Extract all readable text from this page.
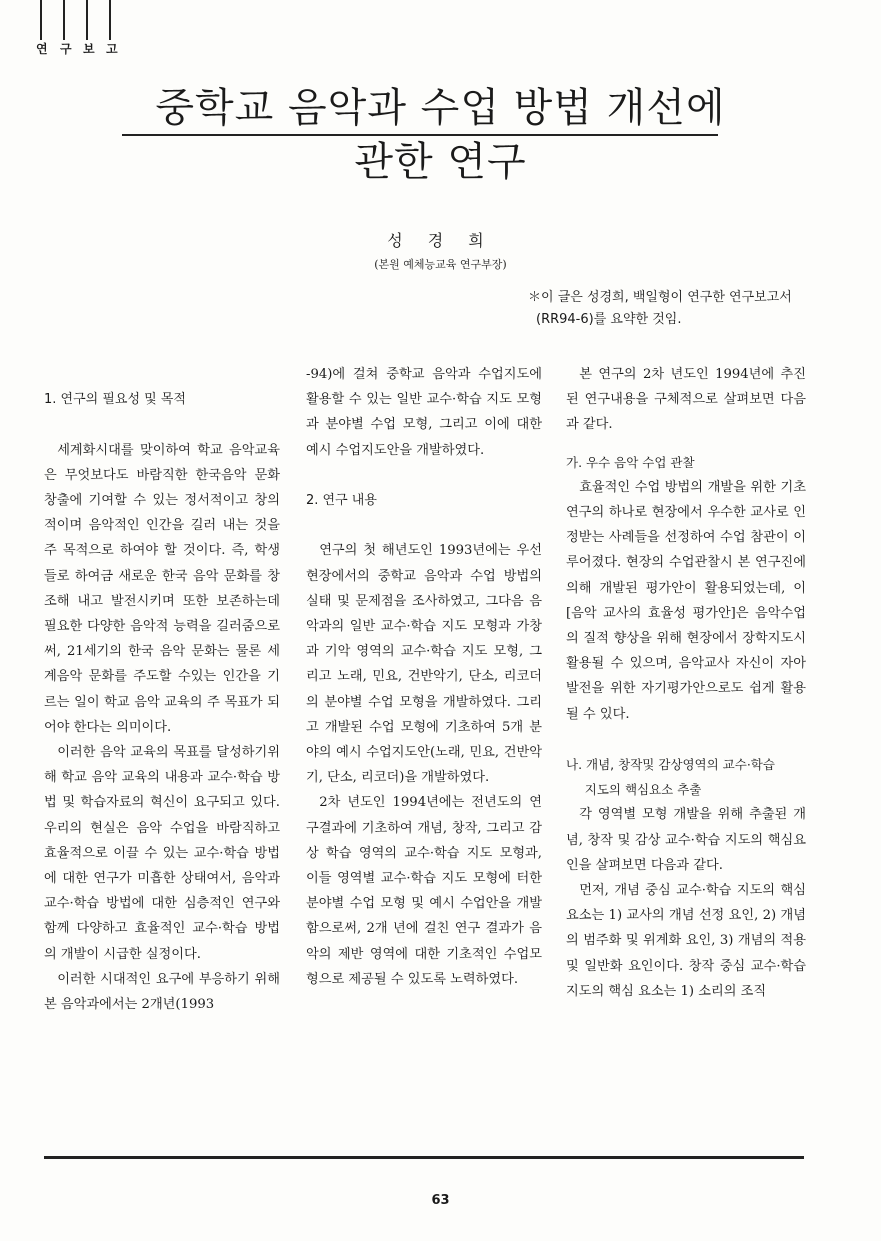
연 구 보 고
중학교 음악과 수업 방법 개선에
관한 연구
성 경 희
(본원 예체능교육 연구부장)
＊이 글은 성경희, 백일형이 연구한 연구보고서
(RR94-6)를 요약한 것임.

1. 연구의 필요성 및 목적

세계화시대를 맞이하여 학교 음악교육은 무엇보다도 바람직한 한국음악 문화 창출에 기여할 수 있는 정서적이고 창의적이며 음악적인 인간을 길러 내는 것을 주 목적으로 하여야 할 것이다. 즉, 학생들로 하여금 새로운 한국 음악 문화를 창조해 내고 발전시키며 또한 보존하는데 필요한 다양한 음악적 능력을 길러줌으로써, 21세기의 한국 음악 문화는 물론 세계음악 문화를 주도할 수있는 인간을 기르는 일이 학교 음악 교육의 주 목표가 되어야 한다는 의미이다.

이러한 음악 교육의 목표를 달성하기위해 학교 음악 교육의 내용과 교수·학습 방법 및 학습자료의 혁신이 요구되고 있다. 우리의 현실은 음악 수업을 바람직하고 효율적으로 이끌 수 있는 교수·학습 방법에 대한 연구가 미흡한 상태여서, 음악과 교수·학습 방법에 대한 심층적인 연구와 함께 다양하고 효율적인 교수·학습 방법의 개발이 시급한 실정이다.

이러한 시대적인 요구에 부응하기 위해 본 음악과에서는 2개년(1993

-94)에 걸쳐 중학교 음악과 수업지도에 활용할 수 있는 일반 교수·학습 지도 모형과 분야별 수업 모형, 그리고 이에 대한 예시 수업지도안을 개발하였다.

2. 연구 내용

연구의 첫 해년도인 1993년에는 우선 현장에서의 중학교 음악과 수업 방법의 실태 및 문제점을 조사하였고, 그다음 음악과의 일반 교수·학습 지도 모형과 가창과 기악 영역의 교수·학습 지도 모형, 그리고 노래, 민요, 건반악기, 단소, 리코더의 분야별 수업 모형을 개발하였다. 그리고 개발된 수업 모형에 기초하여 5개 분야의 예시 수업지도안(노래, 민요, 건반악기, 단소, 리코더)을 개발하였다.

2차 년도인 1994년에는 전년도의 연구결과에 기초하여 개념, 창작, 그리고 감상 학습 영역의 교수·학습 지도 모형과, 이들 영역별 교수·학습 지도 모형에 터한 분야별 수업 모형 및 예시 수업안을 개발함으로써, 2개 년에 걸친 연구 결과가 음악의 제반 영역에 대한 기초적인 수업모형으로 제공될 수 있도록 노력하였다.

본 연구의 2차 년도인 1994년에 추진된 연구내용을 구체적으로 살펴보면 다음과 같다.

가. 우수 음악 수업 관찰

효율적인 수업 방법의 개발을 위한 기초연구의 하나로 현장에서 우수한 교사로 인정받는 사례들을 선정하여 수업 참관이 이루어졌다. 현장의 수업관찰시 본 연구진에 의해 개발된 평가안이 활용되었는데, 이 [음악 교사의 효율성 평가안]은 음악수업의 질적 향상을 위해 현장에서 장학지도시 활용될 수 있으며, 음악교사 자신이 자아발전을 위한 자기평가안으로도 쉽게 활용될 수 있다.

나. 개념, 창작및 감상영역의 교수·학습
지도의 핵심요소 추출

각 영역별 모형 개발을 위해 추출된 개념, 창작 및 감상 교수·학습 지도의 핵심요인을 살펴보면 다음과 같다.

먼저, 개념 중심 교수·학습 지도의 핵심 요소는 1) 교사의 개념 선정 요인, 2) 개념의 범주화 및 위계화 요인, 3) 개념의 적용 및 일반화 요인이다. 창작 중심 교수·학습 지도의 핵심 요소는 1) 소리의 조직

63
